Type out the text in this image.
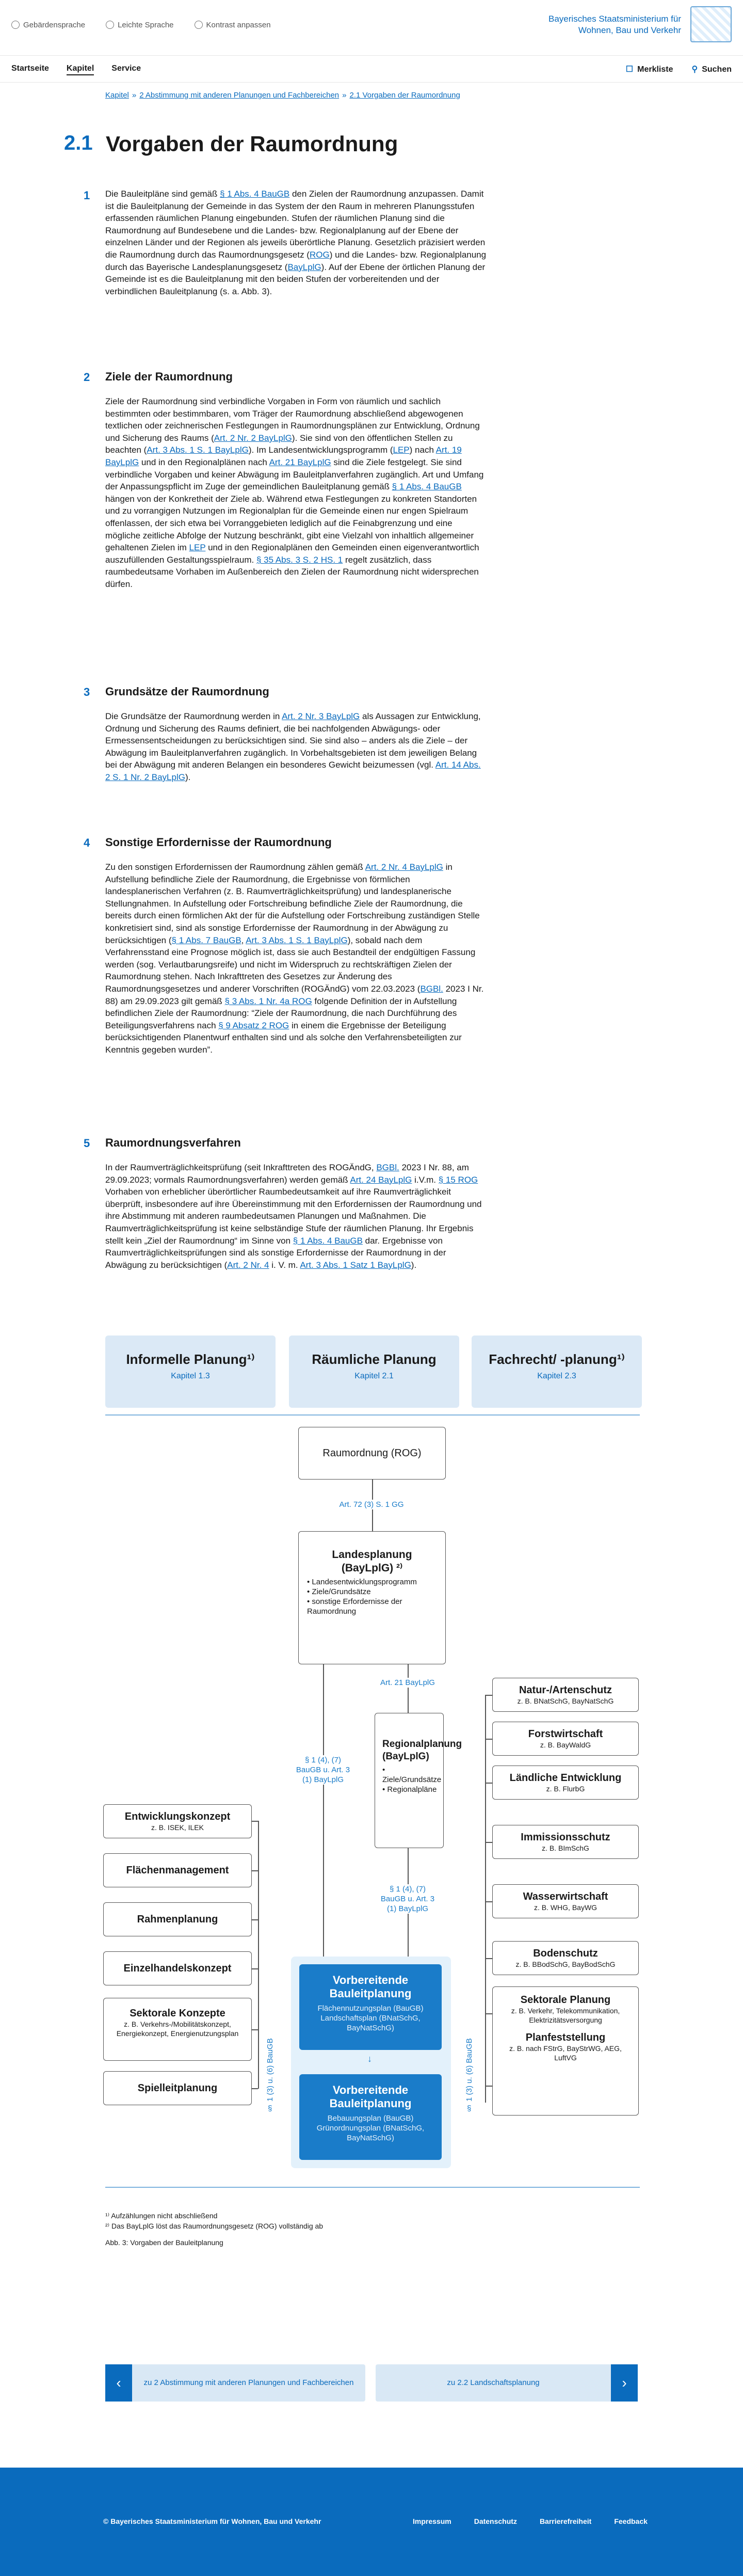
Gebärdensprache	Leichte Sprache	Kontrast anpassen
Bayerisches Staatsministerium für
Wohnen, Bau und Verkehr
Startseite Kapitel Service	☐ Merkliste ⚲ Suchen
Kapitel » 2 Abstimmung mit anderen Planungen und Fachbereichen » 2.1 Vorgaben der Raumordnung
2.1 Vorgaben der Raumordnung
1 Die Bauleitpläne sind gemäß § 1 Abs. 4 BauGB den Zielen der Raumordnung anzupassen. Damit ist die Bauleitplanung der Gemeinde in das System der den Raum in mehreren Planungsstufen erfassenden räumlichen Planung eingebunden. Stufen der räumlichen Planung sind die Raumordnung auf Bundesebene und die Landes- bzw. Regionalplanung auf der Ebene der einzelnen Länder und der Regionen als jeweils überörtliche Planung. Gesetzlich präzisiert werden die Raumordnung durch das Raumordnungsgesetz (ROG) und die Landes- bzw. Regionalplanung durch das Bayerische Landesplanungsgesetz (BayLplG). Auf der Ebene der örtlichen Planung der Gemeinde ist es die Bauleitplanung mit den beiden Stufen der vorbereitenden und der verbindlichen Bauleitplanung (s. a. Abb. 3).

2 Ziele der Raumordnung

Ziele der Raumordnung sind verbindliche Vorgaben in Form von räumlich und sachlich bestimmten oder bestimmbaren, vom Träger der Raumordnung abschließend abgewogenen textlichen oder zeichnerischen Festlegungen in Raumordnungsplänen zur Entwicklung, Ordnung und Sicherung des Raums (Art. 2 Nr. 2 BayLplG). Sie sind von den öffentlichen Stellen zu beachten (Art. 3 Abs. 1 S. 1 BayLplG). Im Landesentwicklungsprogramm (LEP) nach Art. 19 BayLplG und in den Regionalplänen nach Art. 21 BayLplG sind die Ziele festgelegt. Sie sind verbindliche Vorgaben und keiner Abwägung im Bauleitplanverfahren zugänglich. Art und Umfang der Anpassungspflicht im Zuge der gemeindlichen Bauleitplanung gemäß § 1 Abs. 4 BauGB hängen von der Konkretheit der Ziele ab. Während etwa Festlegungen zu konkreten Standorten und zu vorrangigen Nutzungen im Regionalplan für die Gemeinde einen nur engen Spielraum offenlassen, der sich etwa bei Vorranggebieten lediglich auf die Feinabgrenzung und eine mögliche zeitliche Abfolge der Nutzung beschränkt, gibt eine Vielzahl von inhaltlich allgemeiner gehaltenen Zielen im LEP und in den Regionalplänen den Gemeinden einen eigenverantwortlich auszufüllenden Gestaltungsspielraum. § 35 Abs. 3 S. 2 HS. 1 regelt zusätzlich, dass raumbedeutsame Vorhaben im Außenbereich den Zielen der Raumordnung nicht widersprechen dürfen.

3 Grundsätze der Raumordnung

Die Grundsätze der Raumordnung werden in Art. 2 Nr. 3 BayLplG als Aussagen zur Entwicklung, Ordnung und Sicherung des Raums definiert, die bei nachfolgenden Abwägungs- oder Ermessensentscheidungen zu berücksichtigen sind. Sie sind also – anders als die Ziele – der Abwägung im Bauleitplanverfahren zugänglich. In Vorbehaltsgebieten ist dem jeweiligen Belang bei der Abwägung mit anderen Belangen ein besonderes Gewicht beizumessen (vgl. Art. 14 Abs. 2 S. 1 Nr. 2 BayLplG).

4 Sonstige Erfordernisse der Raumordnung

Zu den sonstigen Erfordernissen der Raumordnung zählen gemäß Art. 2 Nr. 4 BayLplG in Aufstellung befindliche Ziele der Raumordnung, die Ergebnisse von förmlichen landesplanerischen Verfahren (z. B. Raumverträglichkeitsprüfung) und landesplanerische Stellungnahmen. In Aufstellung oder Fortschreibung befindliche Ziele der Raumordnung, die bereits durch einen förmlichen Akt der für die Aufstellung oder Fortschreibung zuständigen Stelle konkretisiert sind, sind als sonstige Erfordernisse der Raumordnung in der Abwägung zu berücksichtigen (§ 1 Abs. 7 BauGB, Art. 3 Abs. 1 S. 1 BayLplG), sobald nach dem Verfahrensstand eine Prognose möglich ist, dass sie auch Bestandteil der endgültigen Fassung werden (sog. Verlautbarungsreife) und nicht im Widerspruch zu rechtskräftigen Zielen der Raumordnung stehen. Nach Inkrafttreten des Gesetzes zur Änderung des Raumordnungsgesetzes und anderer Vorschriften (ROGÄndG) vom 22.03.2023 (BGBl. 2023 I Nr. 88) am 29.09.2023 gilt gemäß § 3 Abs. 1 Nr. 4a ROG folgende Definition der in Aufstellung befindlichen Ziele der Raumordnung: “Ziele der Raumordnung, die nach Durchführung des Beteiligungsverfahrens nach § 9 Absatz 2 ROG in einem die Ergebnisse der Beteiligung berücksichtigenden Planentwurf enthalten sind und als solche den Verfahrensbeteiligten zur Kenntnis gegeben wurden”.

5 Raumordnungsverfahren

In der Raumverträglichkeitsprüfung (seit Inkrafttreten des ROGÄndG, BGBl. 2023 I Nr. 88, am 29.09.2023; vormals Raumordnungsverfahren) werden gemäß Art. 24 BayLplG i.V.m. § 15 ROG Vorhaben von erheblicher überörtlicher Raumbedeutsamkeit auf ihre Raumverträglichkeit überprüft, insbesondere auf ihre Übereinstimmung mit den Erfordernissen der Raumordnung und ihre Abstimmung mit anderen raumbedeutsamen Planungen und Maßnahmen. Die Raumverträglichkeitsprüfung ist keine selbständige Stufe der räumlichen Planung. Ihr Ergebnis stellt kein „Ziel der Raumordnung“ im Sinne von § 1 Abs. 4 BauGB dar. Ergebnisse von Raumverträglichkeitsprüfungen sind als sonstige Erfordernisse der Raumordnung in der Abwägung zu berücksichtigen (Art. 2 Nr. 4 i. V. m. Art. 3 Abs. 1 Satz 1 BayLplG).

Informelle Planung¹⁾
Kapitel 1.3
Räumliche Planung
Kapitel 2.1
Fachrecht/ -planung¹⁾
Kapitel 2.3
Raumordnung (ROG)
Art. 72 (3) S. 1 GG
Landesplanung (BayLplG) ²⁾
• Landesentwicklungsprogramm
• Ziele/Grundsätze
• sonstige Erfordernisse der Raumordnung
Art. 21 BayLplG
Regionalplanung (BayLplG)
• Ziele/Grundsätze
• Regionalpläne
§ 1 (4), (7) BauGB u. Art. 3 (1) BayLplG
§ 1 (4), (7) BauGB u. Art. 3 (1) BayLplG
Entwicklungskonzept
z. B. ISEK, ILEK
Flächenmanagement
Rahmenplanung
Einzelhandelskonzept
Sektorale Konzepte
z. B. Verkehrs-/Mobilitätskonzept, Energiekonzept, Energienutzungsplan
Spielleitplanung
Vorbereitende Bauleitplanung
Flächennutzungsplan (BauGB) Landschaftsplan (BNatSchG, BayNatSchG)
↓
Vorbereitende Bauleitplanung
Bebauungsplan (BauGB) Grünordnungsplan (BNatSchG, BayNatSchG)
§ 1 (3) u. (6) BauGB	§ 1 (3) u. (6) BauGB
Natur-/Artenschutz
z. B. BNatSchG, BayNatSchG
Forstwirtschaft
z. B. BayWaldG
Ländliche Entwicklung
z. B. FlurbG
Immissionsschutz
z. B. BImSchG
Wasserwirtschaft
z. B. WHG, BayWG
Bodenschutz
z. B. BBodSchG, BayBodSchG
Sektorale Planung
z. B. Verkehr, Telekommunikation, Elektrizitätsversorgung
Planfeststellung
z. B. nach FStrG, BayStrWG, AEG, LuftVG
¹⁾ Aufzählungen nicht abschließend
²⁾ Das BayLplG löst das Raumordnungsgesetz (ROG) vollständig ab
Abb. 3: Vorgaben der Bauleitplanung
‹	zu 2 Abstimmung mit anderen Planungen und Fachbereichen	zu 2.2 Landschaftsplanung	›
© Bayerisches Staatsministerium für Wohnen, Bau und Verkehr	Impressum	Datenschutz	Barrierefreiheit	Feedback
